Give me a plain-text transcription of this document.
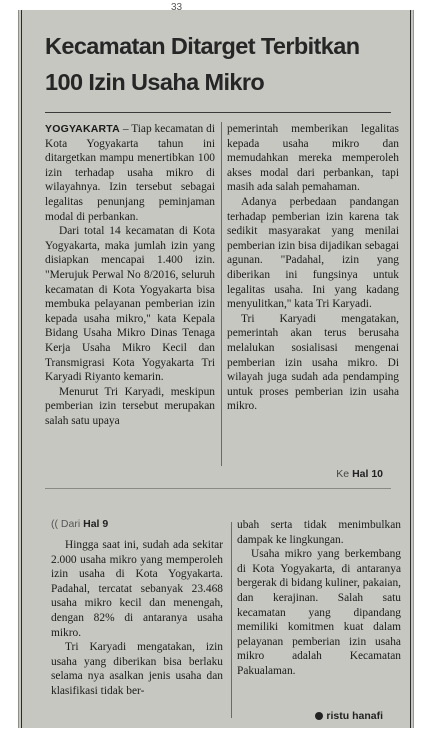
33
Kecamatan Ditarget Terbitkan
100 Izin Usaha Mikro

YOGYAKARTA – Tiap kecamatan di Kota Yogyakarta tahun ini ditargetkan mampu menertibkan 100 izin terhadap usaha mikro di wilayahnya. Izin tersebut sebagai legalitas penunjang peminjaman modal di perbankan.

Dari total 14 kecamatan di Kota Yogyakarta, maka jumlah izin yang disiapkan mencapai 1.400 izin. "Merujuk Perwal No 8/2016, seluruh kecamatan di Kota Yogyakarta bisa membuka pelayanan pemberian izin kepada usaha mikro," kata Kepala Bidang Usaha Mikro Dinas Tenaga Kerja Usaha Mikro Kecil dan Transmigrasi Kota Yogyakarta Tri Karyadi Riyanto kemarin.

Menurut Tri Karyadi, meskipun pemberian izin tersebut merupakan salah satu upaya

pemerintah memberikan legalitas kepada usaha mikro dan memudahkan mereka memperoleh akses modal dari perbankan, tapi masih ada salah pemahaman.

Adanya perbedaan pandangan terhadap pemberian izin karena tak sedikit masyarakat yang menilai pemberian izin bisa dijadikan sebagai agunan. "Padahal, izin yang diberikan ini fungsinya untuk legalitas usaha. Ini yang kadang menyulitkan," kata Tri Karyadi.

Tri Karyadi mengatakan, pemerintah akan terus berusaha melalukan sosialisasi mengenai pemberian izin usaha mikro. Di wilayah juga sudah ada pendamping untuk proses pemberian izin usaha mikro.

Ke Hal 10
(( Dari Hal 9

Hingga saat ini, sudah ada sekitar 2.000 usaha mikro yang memperoleh izin usaha di Kota Yogyakarta. Padahal, tercatat sebanyak 23.468 usaha mikro kecil dan menengah, dengan 82% di antaranya usaha mikro.

Tri Karyadi mengatakan, izin usaha yang diberikan bisa berlaku selama nya asalkan jenis usaha dan klasifikasi tidak ber-

ubah serta tidak menimbulkan dampak ke lingkungan.

Usaha mikro yang berkembang di Kota Yogyakarta, di antaranya bergerak di bidang kuliner, pakaian, dan kerajinan. Salah satu kecamatan yang dipandang memiliki komitmen kuat dalam pelayanan pemberian izin usaha mikro adalah Kecamatan Pakualaman.

ristu hanafi
